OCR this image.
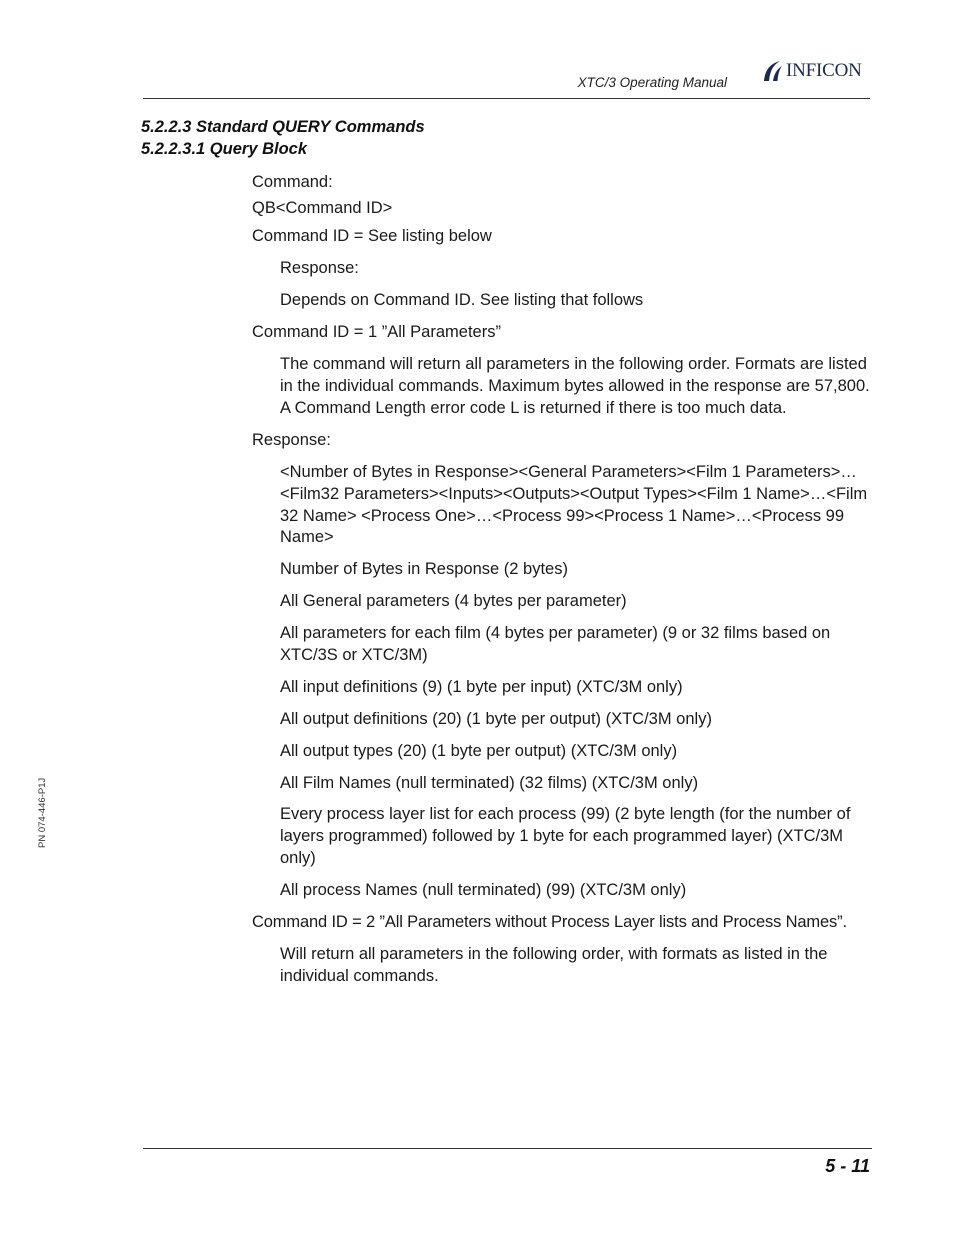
XTC/3 Operating Manual
INFICON
5.2.2.3 Standard QUERY Commands
5.2.2.3.1 Query Block

Command:

QB<Command ID>

Command ID = See listing below

Response:

Depends on Command ID. See listing that follows

Command ID = 1 ”All Parameters”

The command will return all parameters in the following order. Formats are listed in the individual commands. Maximum bytes allowed in the response are 57,800. A Command Length error code L is returned if there is too much data.

Response:

<Number of Bytes in Response><General Parameters><Film 1 Parameters>…<Film32 Parameters><Inputs><Outputs><Output Types><Film 1 Name>…<Film 32 Name> <Process One>…<Process 99><Process 1 Name>…<Process 99 Name>

Number of Bytes in Response (2 bytes)

All General parameters (4 bytes per parameter)

All parameters for each film (4 bytes per parameter) (9 or 32 films based on XTC/3S or XTC/3M)

All input definitions (9) (1 byte per input) (XTC/3M only)

All output definitions (20) (1 byte per output) (XTC/3M only)

All output types (20) (1 byte per output) (XTC/3M only)

All Film Names (null terminated) (32 films) (XTC/3M only)

Every process layer list for each process (99) (2 byte length (for the number of layers programmed) followed by 1 byte for each programmed layer) (XTC/3M only)

All process Names (null terminated) (99) (XTC/3M only)

Command ID = 2 ”All Parameters without Process Layer lists and Process Names”.

Will return all parameters in the following order, with formats as listed in the individual commands.

PN 074-446-P1J
5 - 11
